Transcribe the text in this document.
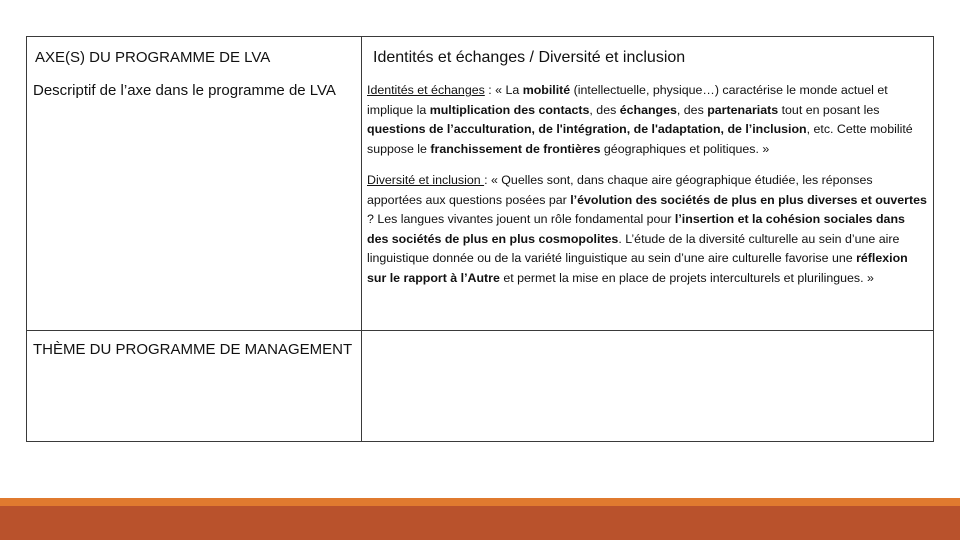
AXE(S) DU PROGRAMME DE LVA	Identités et échanges / Diversité et inclusion
Descriptif de l’axe dans le programme de LVA	Identités et échanges : « La mobilité (intellectuelle, physique…) caractérise le monde actuel et implique la multiplication des contacts, des échanges, des partenariats tout en posant les questions de l’acculturation, de l'intégration, de l'adaptation, de l’inclusion, etc. Cette mobilité suppose le franchissement de frontières géographiques et politiques. »

Diversité et inclusion : « Quelles sont, dans chaque aire géographique étudiée, les réponses apportées aux questions posées par l’évolution des sociétés de plus en plus diverses et ouvertes ? Les langues vivantes jouent un rôle fondamental pour l’insertion et la cohésion sociales dans des sociétés de plus en plus cosmopolites. L’étude de la diversité culturelle au sein d’une aire linguistique donnée ou de la variété linguistique au sein d’une aire culturelle favorise une réflexion sur le rapport à l’Autre et permet la mise en place de projets interculturels et plurilingues. »

THÈME DU PROGRAMME DE MANAGEMENT
